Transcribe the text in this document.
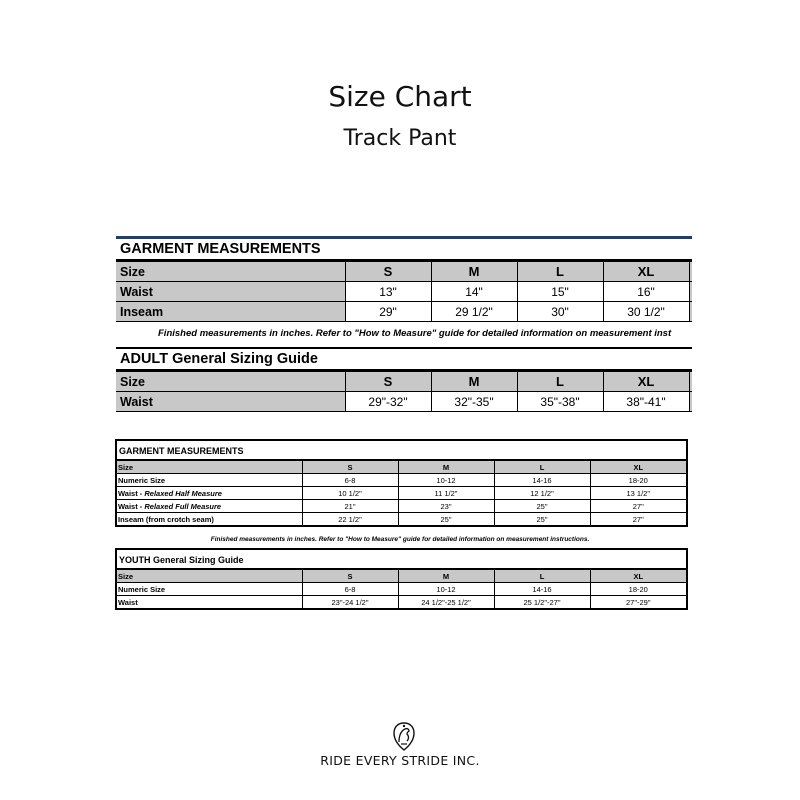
Size Chart
Track Pant
GARMENT MEASUREMENTS
Size	S	M	L	XL	
Waist	13"	14"	15"	16"	
Inseam	29"	29 1/2"	30"	30 1/2"	
Finished measurements in inches. Refer to "How to Measure" guide for detailed information on measurement inst
ADULT General Sizing Guide
Size	S	M	L	XL	
Waist	29"-32"	32"-35"	35"-38"	38"-41"	
GARMENT MEASUREMENTS
Size	S	M	L	XL
Numeric Size	6-8	10-12	14-16	18-20
Waist - Relaxed Half Measure	10 1/2"	11 1/2"	12 1/2"	13 1/2"
Waist - Relaxed Full Measure	21"	23"	25"	27"
Inseam (from crotch seam)	22 1/2"	25"	25"	27"
Finished measurements in inches. Refer to "How to Measure" guide for detailed information on measurement instructions.
YOUTH General Sizing Guide
Size	S	M	L	XL
Numeric Size	6-8	10-12	14-16	18-20
Waist	23"-24 1/2"	24 1/2"-25 1/2"	25 1/2"-27"	27"-29"
RIDE EVERY STRIDE INC.
